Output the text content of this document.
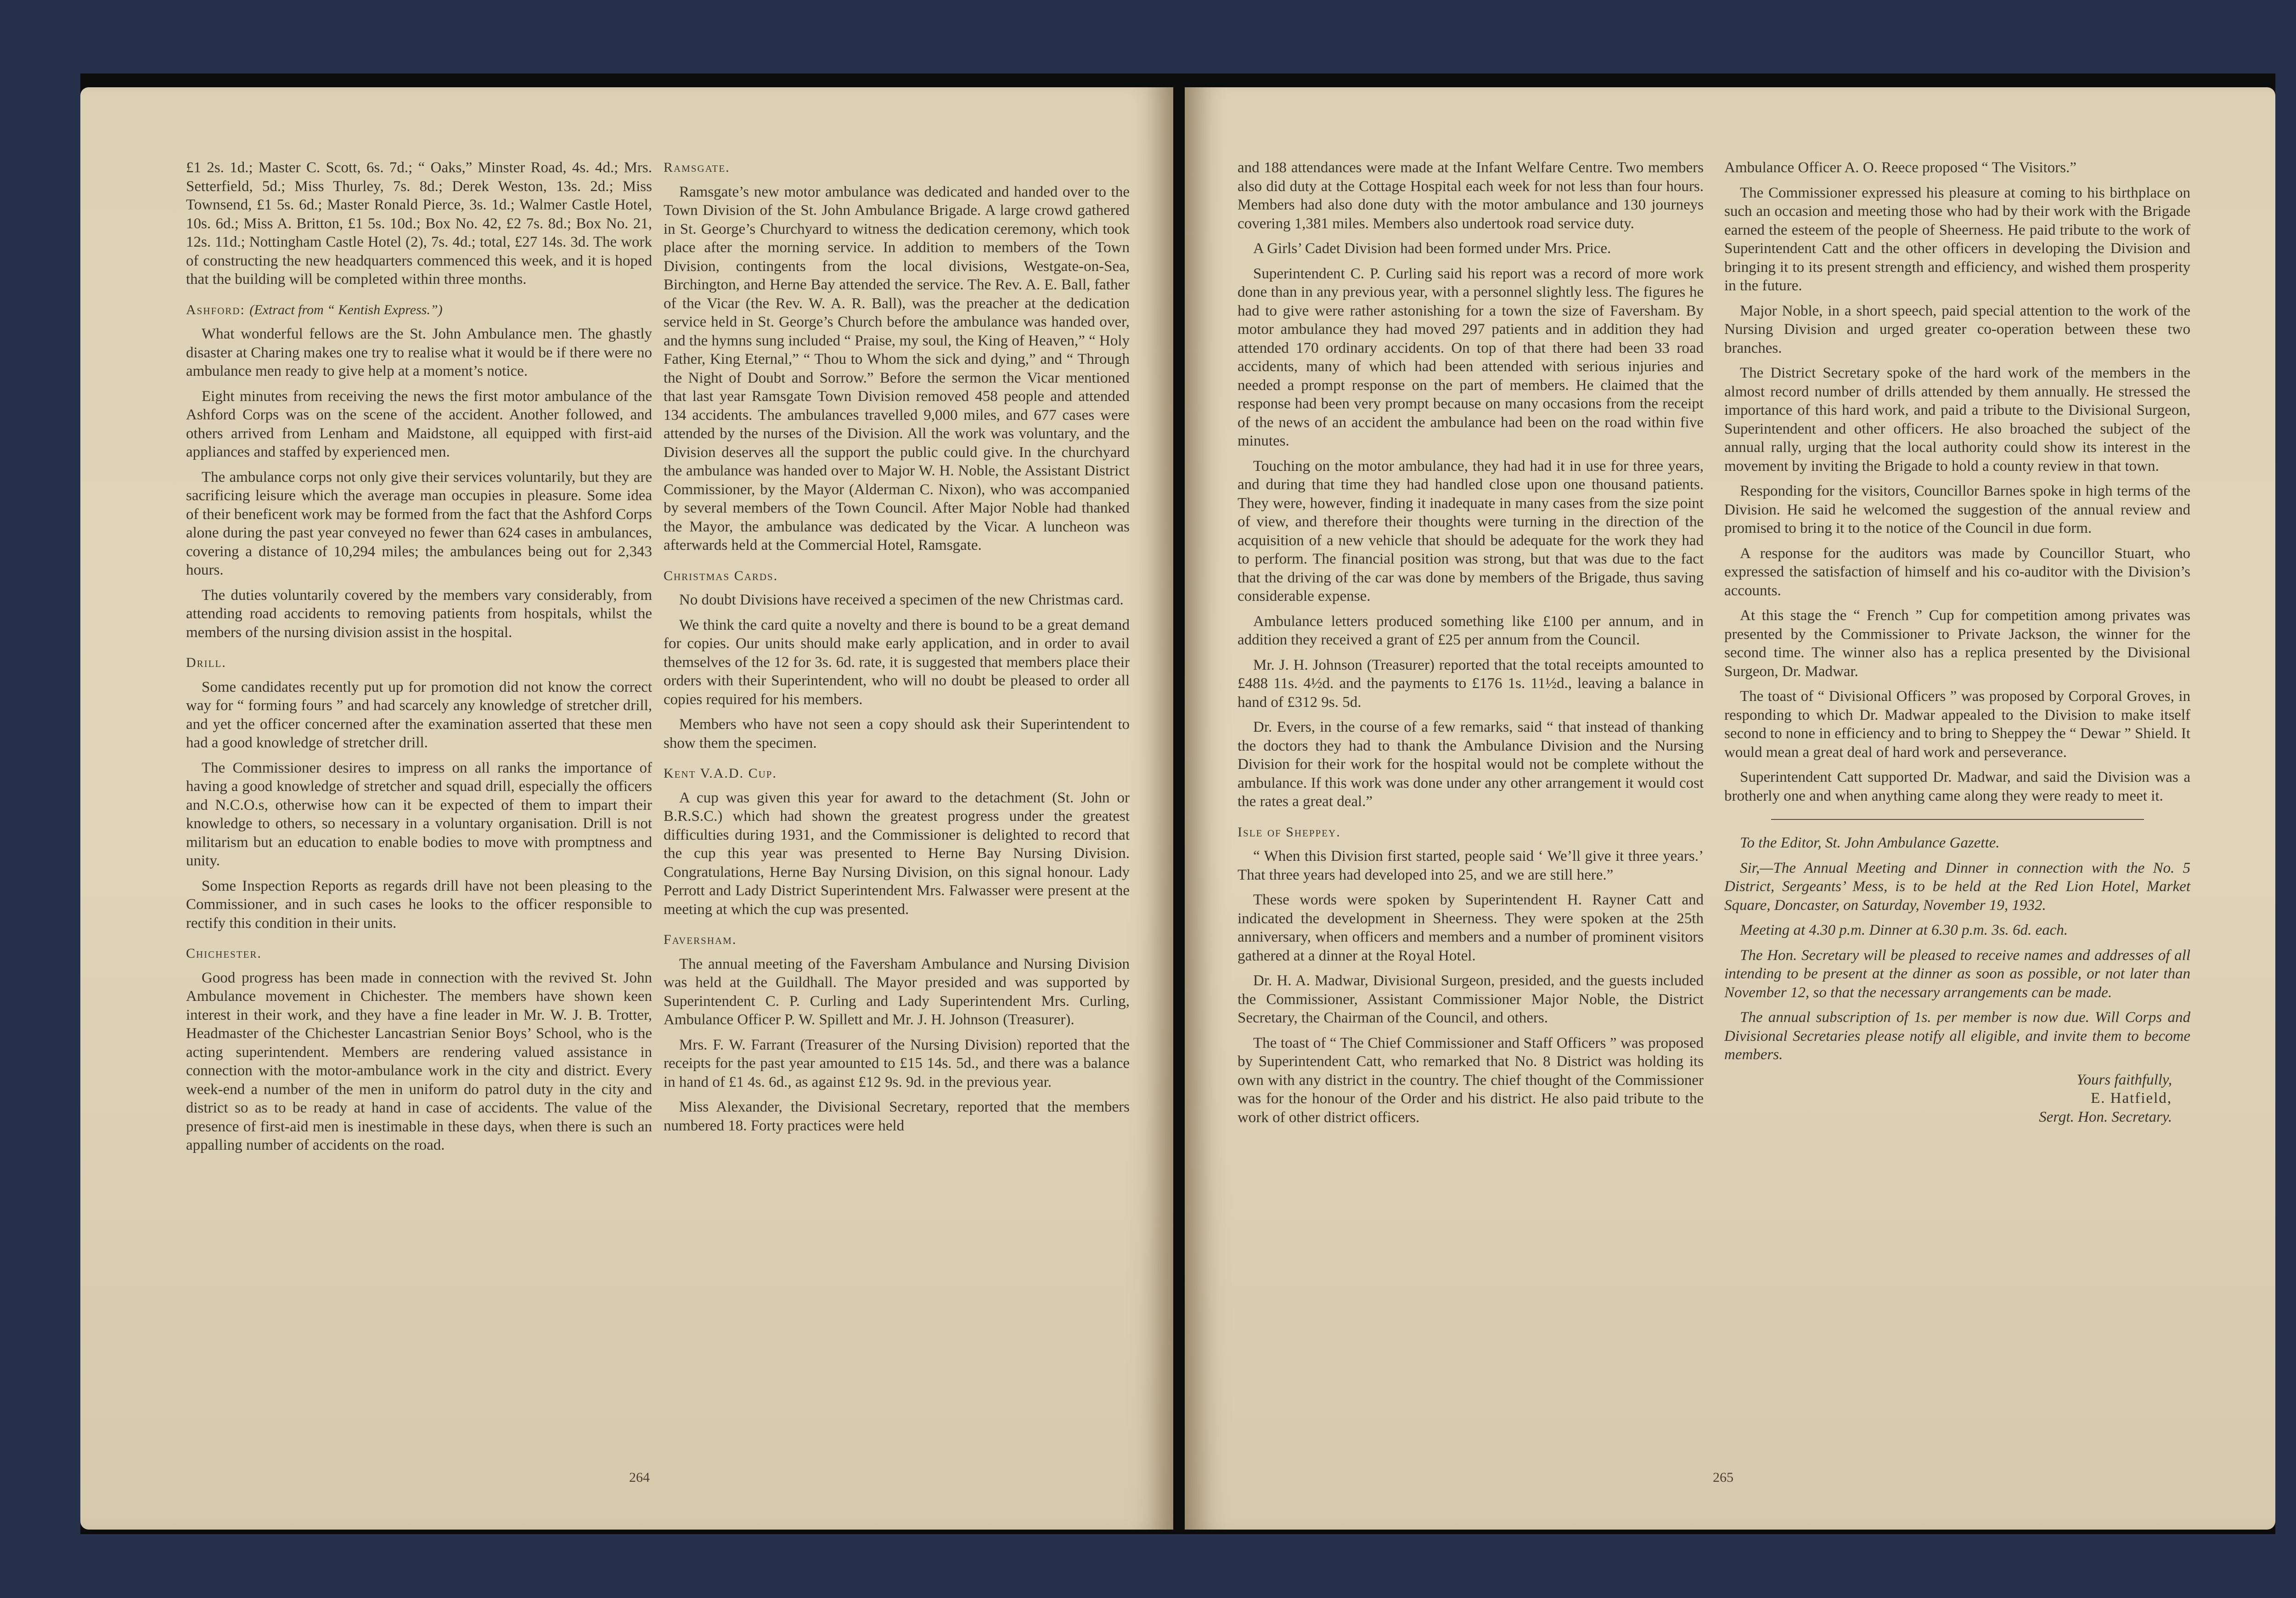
£1 2s. 1d.; Master C. Scott, 6s. 7d.; “ Oaks,” Minster Road, 4s. 4d.; Mrs. Setterfield, 5d.; Miss Thurley, 7s. 8d.; Derek Weston, 13s. 2d.; Miss Townsend, £1 5s. 6d.; Master Ronald Pierce, 3s. 1d.; Walmer Castle Hotel, 10s. 6d.; Miss A. Britton, £1 5s. 10d.; Box No. 42, £2 7s. 8d.; Box No. 21, 12s. 11d.; Nottingham Castle Hotel (2), 7s. 4d.; total, £27 14s. 3d. The work of constructing the new headquarters commenced this week, and it is hoped that the building will be completed within three months.

Ashford: (Extract from “ Kentish Express.”)

What wonderful fellows are the St. John Ambulance men. The ghastly disaster at Charing makes one try to realise what it would be if there were no ambulance men ready to give help at a moment’s notice.

Eight minutes from receiving the news the first motor ambulance of the Ashford Corps was on the scene of the accident. Another followed, and others arrived from Lenham and Maidstone, all equipped with first-aid appliances and staffed by experienced men.

The ambulance corps not only give their services voluntarily, but they are sacrificing leisure which the average man occupies in pleasure. Some idea of their beneficent work may be formed from the fact that the Ashford Corps alone during the past year conveyed no fewer than 624 cases in ambulances, covering a distance of 10,294 miles; the ambulances being out for 2,343 hours.

The duties voluntarily covered by the members vary considerably, from attending road accidents to removing patients from hospitals, whilst the members of the nursing division assist in the hospital.

Drill.

Some candidates recently put up for promotion did not know the correct way for “ forming fours ” and had scarcely any knowledge of stretcher drill, and yet the officer concerned after the examination asserted that these men had a good knowledge of stretcher drill.

The Commissioner desires to impress on all ranks the importance of having a good knowledge of stretcher and squad drill, especially the officers and N.C.O.s, otherwise how can it be expected of them to impart their knowledge to others, so necessary in a voluntary organisation. Drill is not militarism but an education to enable bodies to move with promptness and unity.

Some Inspection Reports as regards drill have not been pleasing to the Commissioner, and in such cases he looks to the officer responsible to rectify this condition in their units.

Chichester.

Good progress has been made in connection with the revived St. John Ambulance movement in Chichester. The members have shown keen interest in their work, and they have a fine leader in Mr. W. J. B. Trotter, Headmaster of the Chichester Lancastrian Senior Boys’ School, who is the acting superintendent. Members are rendering valued assistance in connection with the motor-ambulance work in the city and district. Every week-end a number of the men in uniform do patrol duty in the city and district so as to be ready at hand in case of accidents. The value of the presence of first-aid men is inestimable in these days, when there is such an appalling number of accidents on the road.

Ramsgate.

Ramsgate’s new motor ambulance was dedicated and handed over to the Town Division of the St. John Ambulance Brigade. A large crowd gathered in St. George’s Churchyard to witness the dedication ceremony, which took place after the morning service. In addition to members of the Town Division, contingents from the local divisions, Westgate-on-Sea, Birchington, and Herne Bay attended the service. The Rev. A. E. Ball, father of the Vicar (the Rev. W. A. R. Ball), was the preacher at the dedication service held in St. George’s Church before the ambulance was handed over, and the hymns sung included “ Praise, my soul, the King of Heaven,” “ Holy Father, King Eternal,” “ Thou to Whom the sick and dying,” and “ Through the Night of Doubt and Sorrow.” Before the sermon the Vicar mentioned that last year Ramsgate Town Division removed 458 people and attended 134 accidents. The ambulances travelled 9,000 miles, and 677 cases were attended by the nurses of the Division. All the work was voluntary, and the Division deserves all the support the public could give. In the churchyard the ambulance was handed over to Major W. H. Noble, the Assistant District Commissioner, by the Mayor (Alderman C. Nixon), who was accompanied by several members of the Town Council. After Major Noble had thanked the Mayor, the ambulance was dedicated by the Vicar. A luncheon was afterwards held at the Commercial Hotel, Ramsgate.

Christmas Cards.

No doubt Divisions have received a specimen of the new Christmas card.

We think the card quite a novelty and there is bound to be a great demand for copies. Our units should make early application, and in order to avail themselves of the 12 for 3s. 6d. rate, it is suggested that members place their orders with their Superintendent, who will no doubt be pleased to order all copies required for his members.

Members who have not seen a copy should ask their Superintendent to show them the specimen.

Kent V.A.D. Cup.

A cup was given this year for award to the detachment (St. John or B.R.S.C.) which had shown the greatest progress under the greatest difficulties during 1931, and the Commissioner is delighted to record that the cup this year was presented to Herne Bay Nursing Division. Congratulations, Herne Bay Nursing Division, on this signal honour. Lady Perrott and Lady District Superintendent Mrs. Falwasser were present at the meeting at which the cup was presented.

Faversham.

The annual meeting of the Faversham Ambulance and Nursing Division was held at the Guildhall. The Mayor presided and was supported by Superintendent C. P. Curling and Lady Superintendent Mrs. Curling, Ambulance Officer P. W. Spillett and Mr. J. H. Johnson (Treasurer).

Mrs. F. W. Farrant (Treasurer of the Nursing Division) reported that the receipts for the past year amounted to £15 14s. 5d., and there was a balance in hand of £1 4s. 6d., as against £12 9s. 9d. in the previous year.

Miss Alexander, the Divisional Secretary, reported that the members numbered 18. Forty practices were held

264

and 188 attendances were made at the Infant Welfare Centre. Two members also did duty at the Cottage Hospital each week for not less than four hours. Members had also done duty with the motor ambulance and 130 journeys covering 1,381 miles. Members also undertook road service duty.

A Girls’ Cadet Division had been formed under Mrs. Price.

Superintendent C. P. Curling said his report was a record of more work done than in any previous year, with a personnel slightly less. The figures he had to give were rather astonishing for a town the size of Faversham. By motor ambulance they had moved 297 patients and in addition they had attended 170 ordinary accidents. On top of that there had been 33 road accidents, many of which had been attended with serious injuries and needed a prompt response on the part of members. He claimed that the response had been very prompt because on many occasions from the receipt of the news of an accident the ambulance had been on the road within five minutes.

Touching on the motor ambulance, they had had it in use for three years, and during that time they had handled close upon one thousand patients. They were, however, finding it inadequate in many cases from the size point of view, and therefore their thoughts were turning in the direction of the acquisition of a new vehicle that should be adequate for the work they had to perform. The financial position was strong, but that was due to the fact that the driving of the car was done by members of the Brigade, thus saving considerable expense.

Ambulance letters produced something like £100 per annum, and in addition they received a grant of £25 per annum from the Council.

Mr. J. H. Johnson (Treasurer) reported that the total receipts amounted to £488 11s. 4½d. and the payments to £176 1s. 11½d., leaving a balance in hand of £312 9s. 5d.

Dr. Evers, in the course of a few remarks, said “ that instead of thanking the doctors they had to thank the Ambulance Division and the Nursing Division for their work for the hospital would not be complete without the ambulance. If this work was done under any other arrangement it would cost the rates a great deal.”

Isle of Sheppey.

“ When this Division first started, people said ‘ We’ll give it three years.’ That three years had developed into 25, and we are still here.”

These words were spoken by Superintendent H. Rayner Catt and indicated the development in Sheerness. They were spoken at the 25th anniversary, when officers and members and a number of prominent visitors gathered at a dinner at the Royal Hotel.

Dr. H. A. Madwar, Divisional Surgeon, presided, and the guests included the Commissioner, Assistant Commissioner Major Noble, the District Secretary, the Chairman of the Council, and others.

The toast of “ The Chief Commissioner and Staff Officers ” was proposed by Superintendent Catt, who remarked that No. 8 District was holding its own with any district in the country. The chief thought of the Commissioner was for the honour of the Order and his district. He also paid tribute to the work of other district officers.

Ambulance Officer A. O. Reece proposed “ The Visitors.”

The Commissioner expressed his pleasure at coming to his birthplace on such an occasion and meeting those who had by their work with the Brigade earned the esteem of the people of Sheerness. He paid tribute to the work of Superintendent Catt and the other officers in developing the Division and bringing it to its present strength and efficiency, and wished them prosperity in the future.

Major Noble, in a short speech, paid special attention to the work of the Nursing Division and urged greater co-operation between these two branches.

The District Secretary spoke of the hard work of the members in the almost record number of drills attended by them annually. He stressed the importance of this hard work, and paid a tribute to the Divisional Surgeon, Superintendent and other officers. He also broached the subject of the annual rally, urging that the local authority could show its interest in the movement by inviting the Brigade to hold a county review in that town.

Responding for the visitors, Councillor Barnes spoke in high terms of the Division. He said he welcomed the suggestion of the annual review and promised to bring it to the notice of the Council in due form.

A response for the auditors was made by Councillor Stuart, who expressed the satisfaction of himself and his co-auditor with the Division’s accounts.

At this stage the “ French ” Cup for competition among privates was presented by the Commissioner to Private Jackson, the winner for the second time. The winner also has a replica presented by the Divisional Surgeon, Dr. Madwar.

The toast of “ Divisional Officers ” was proposed by Corporal Groves, in responding to which Dr. Madwar appealed to the Division to make itself second to none in efficiency and to bring to Sheppey the “ Dewar ” Shield. It would mean a great deal of hard work and perseverance.

Superintendent Catt supported Dr. Madwar, and said the Division was a brotherly one and when anything came along they were ready to meet it.

To the Editor, St. John Ambulance Gazette.

Sir,—The Annual Meeting and Dinner in connection with the No. 5 District, Sergeants’ Mess, is to be held at the Red Lion Hotel, Market Square, Doncaster, on Saturday, November 19, 1932.

Meeting at 4.30 p.m. Dinner at 6.30 p.m. 3s. 6d. each.

The Hon. Secretary will be pleased to receive names and addresses of all intending to be present at the dinner as soon as possible, or not later than November 12, so that the necessary arrangements can be made.

The annual subscription of 1s. per member is now due. Will Corps and Divisional Secretaries please notify all eligible, and invite them to become members.

Yours faithfully,

E. Hatfield,

Sergt. Hon. Secretary.

265
